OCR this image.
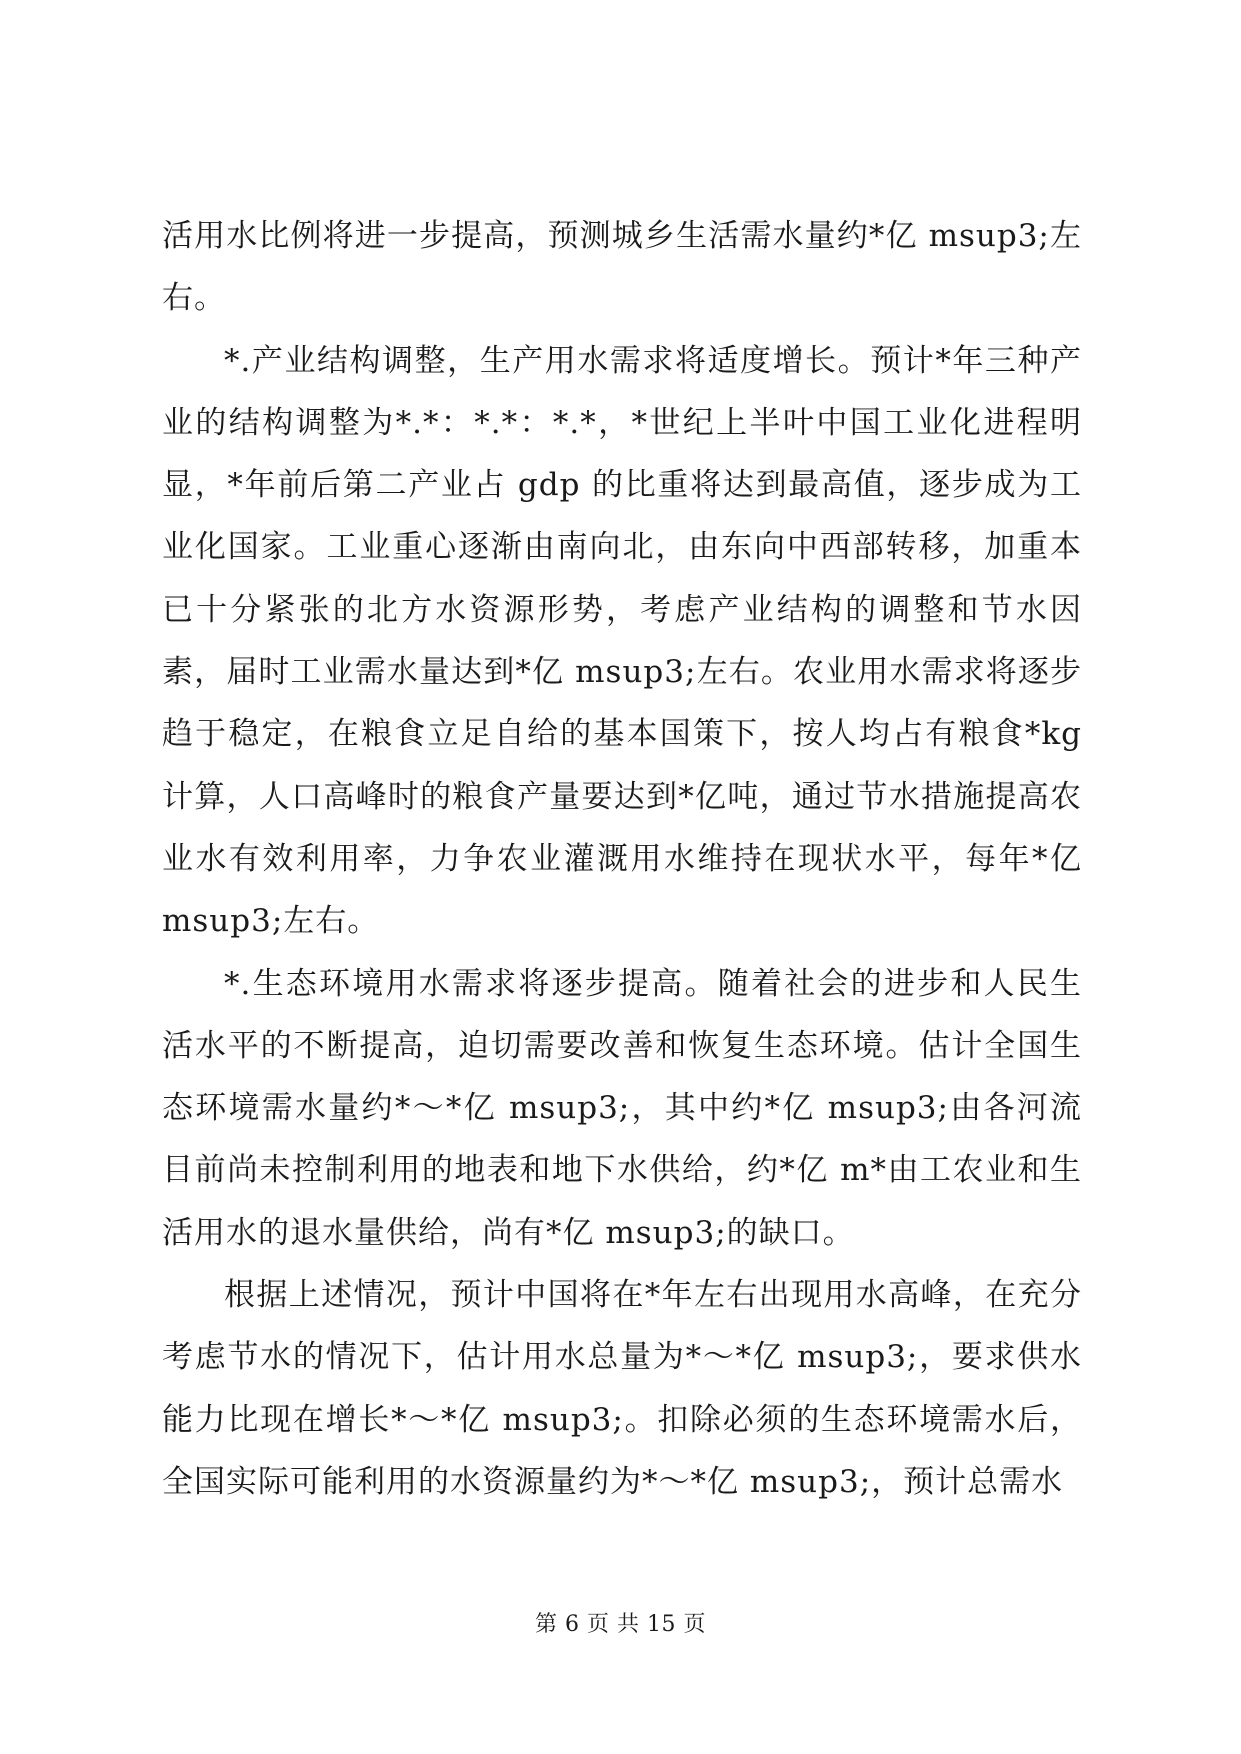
活用水比例将进一步提高，预测城乡生活需水量约*亿 msup3;左右。

*.产业结构调整，生产用水需求将适度增长。预计*年三种产业的结构调整为*.*：*.*：*.*，*世纪上半叶中国工业化进程明显，*年前后第二产业占 gdp 的比重将达到最高值，逐步成为工业化国家。工业重心逐渐由南向北，由东向中西部转移，加重本已十分紧张的北方水资源形势，考虑产业结构的调整和节水因素，届时工业需水量达到*亿 msup3;左右。农业用水需求将逐步趋于稳定，在粮食立足自给的基本国策下，按人均占有粮食*kg 计算，人口高峰时的粮食产量要达到*亿吨，通过节水措施提高农业水有效利用率，力争农业灌溉用水维持在现状水平，每年*亿 msup3;左右。

*.生态环境用水需求将逐步提高。随着社会的进步和人民生活水平的不断提高，迫切需要改善和恢复生态环境。估计全国生态环境需水量约*～*亿 msup3;，其中约*亿 msup3;由各河流目前尚未控制利用的地表和地下水供给，约*亿 m*由工农业和生活用水的退水量供给，尚有*亿 msup3;的缺口。

根据上述情况，预计中国将在*年左右出现用水高峰，在充分考虑节水的情况下，估计用水总量为*～*亿 msup3;，要求供水能力比现在增长*～*亿 msup3;。扣除必须的生态环境需水后，全国实际可能利用的水资源量约为*～*亿 msup3;，预计总需水

第 6 页 共 15 页
